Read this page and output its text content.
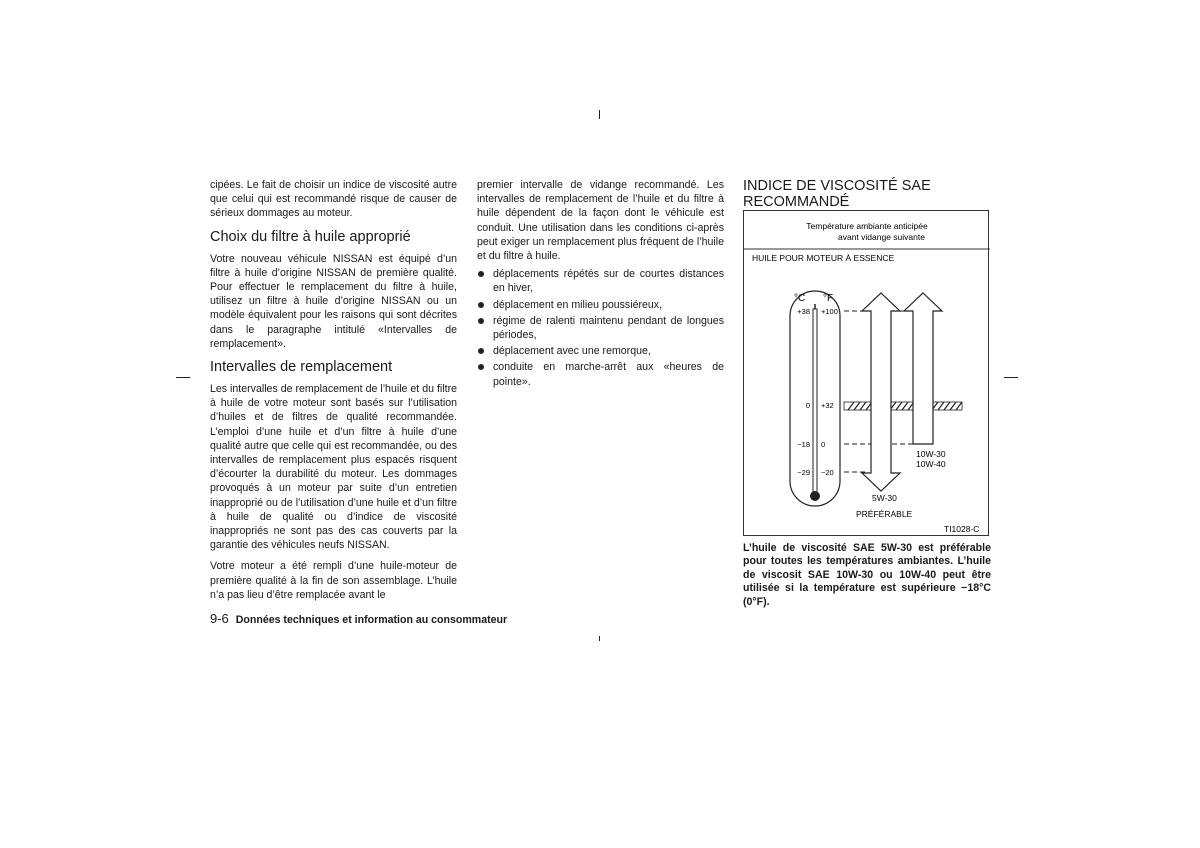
cipées. Le fait de choisir un indice de viscosité autre que celui qui est recommandé risque de causer de sérieux dommages au moteur.

Choix du filtre à huile approprié

Votre nouveau véhicule NISSAN est équipé d’un filtre à huile d’origine NISSAN de première qualité. Pour effectuer le remplacement du filtre à huile, utilisez un filtre à huile d’origine NISSAN ou un modèle équivalent pour les raisons qui sont décrites dans le paragraphe intitulé «Intervalles de remplacement».

Intervalles de remplacement

Les intervalles de remplacement de l’huile et du filtre à huile de votre moteur sont basés sur l’utilisation d’huiles et de filtres de qualité recommandée. L’emploi d’une huile et d’un filtre à huile d’une qualité autre que celle qui est recommandée, ou des intervalles de remplacement plus espacés risquent d’écourter la durabilité du moteur. Les dommages provoqués à un moteur par suite d’un entretien inapproprié ou de l’utilisation d’une huile et d’un filtre à huile de qualité ou d’indice de viscosité inappropriés ne sont pas des cas couverts par la garantie des véhicules neufs NISSAN.

Votre moteur a été rempli d’une huile-moteur de première qualité à la fin de son assemblage. L’huile n’a pas lieu d’être remplacée avant le

premier intervalle de vidange recommandé. Les intervalles de remplacement de l’huile et du filtre à huile dépendent de la façon dont le véhicule est conduit. Une utilisation dans les conditions ci-après peut exiger un remplacement plus fréquent de l’huile et du filtre à huile.

déplacements répétés sur de courtes distances en hiver,
déplacement en milieu poussiéreux,
régime de ralenti maintenu pendant de longues périodes,
déplacement avec une remorque,
conduite en marche-arrêt aux «heures de pointe».
INDICE DE VISCOSITÉ SAE RECOMMANDÉ
Température ambiante anticipée
avant vidange suivante
HUILE POUR MOTEUR À ESSENCE
°C °F
+38
0
−18
−29
+100
+32
0
−20
10W-30
10W-40
5W-30
PRÉFÉRABLE
TI1028-C
L’huile de viscosité SAE 5W-30 est préférable pour toutes les températures ambiantes. L’huile de viscosit SAE 10W-30 ou 10W-40 peut être utilisée si la température est supérieure −18°C (0°F).
9-6 Données techniques et information au consommateur
